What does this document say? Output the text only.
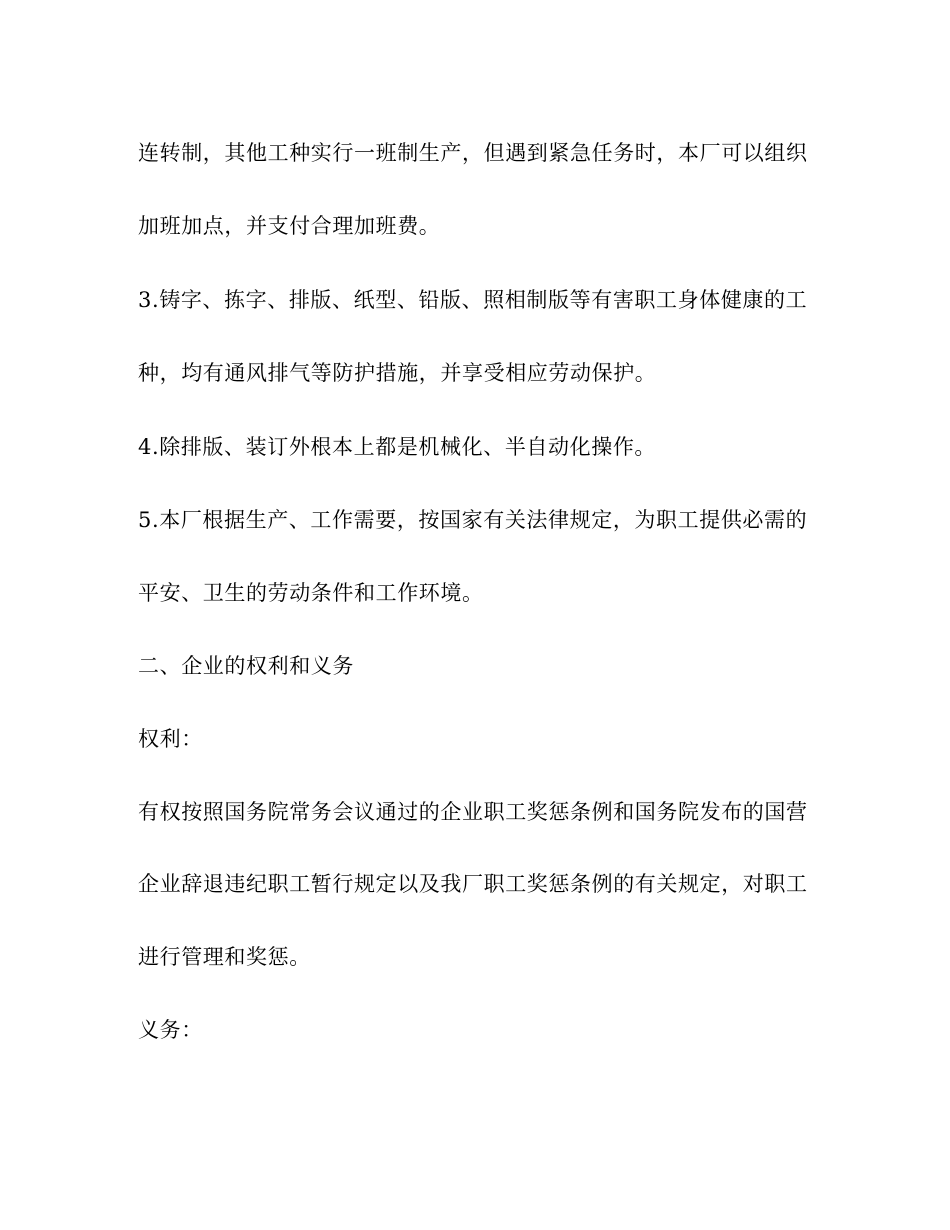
连转制，其他工种实行一班制生产，但遇到紧急任务时，本厂可以组织

加班加点，并支付合理加班费。

3.铸字、拣字、排版、纸型、铅版、照相制版等有害职工身体健康的工

种，均有通风排气等防护措施，并享受相应劳动保护。

4.除排版、装订外根本上都是机械化、半自动化操作。

5.本厂根据生产、工作需要，按国家有关法律规定，为职工提供必需的

平安、卫生的劳动条件和工作环境。

二、企业的权利和义务

权利：

有权按照国务院常务会议通过的企业职工奖惩条例和国务院发布的国营

企业辞退违纪职工暂行规定以及我厂职工奖惩条例的有关规定，对职工

进行管理和奖惩。

义务：
